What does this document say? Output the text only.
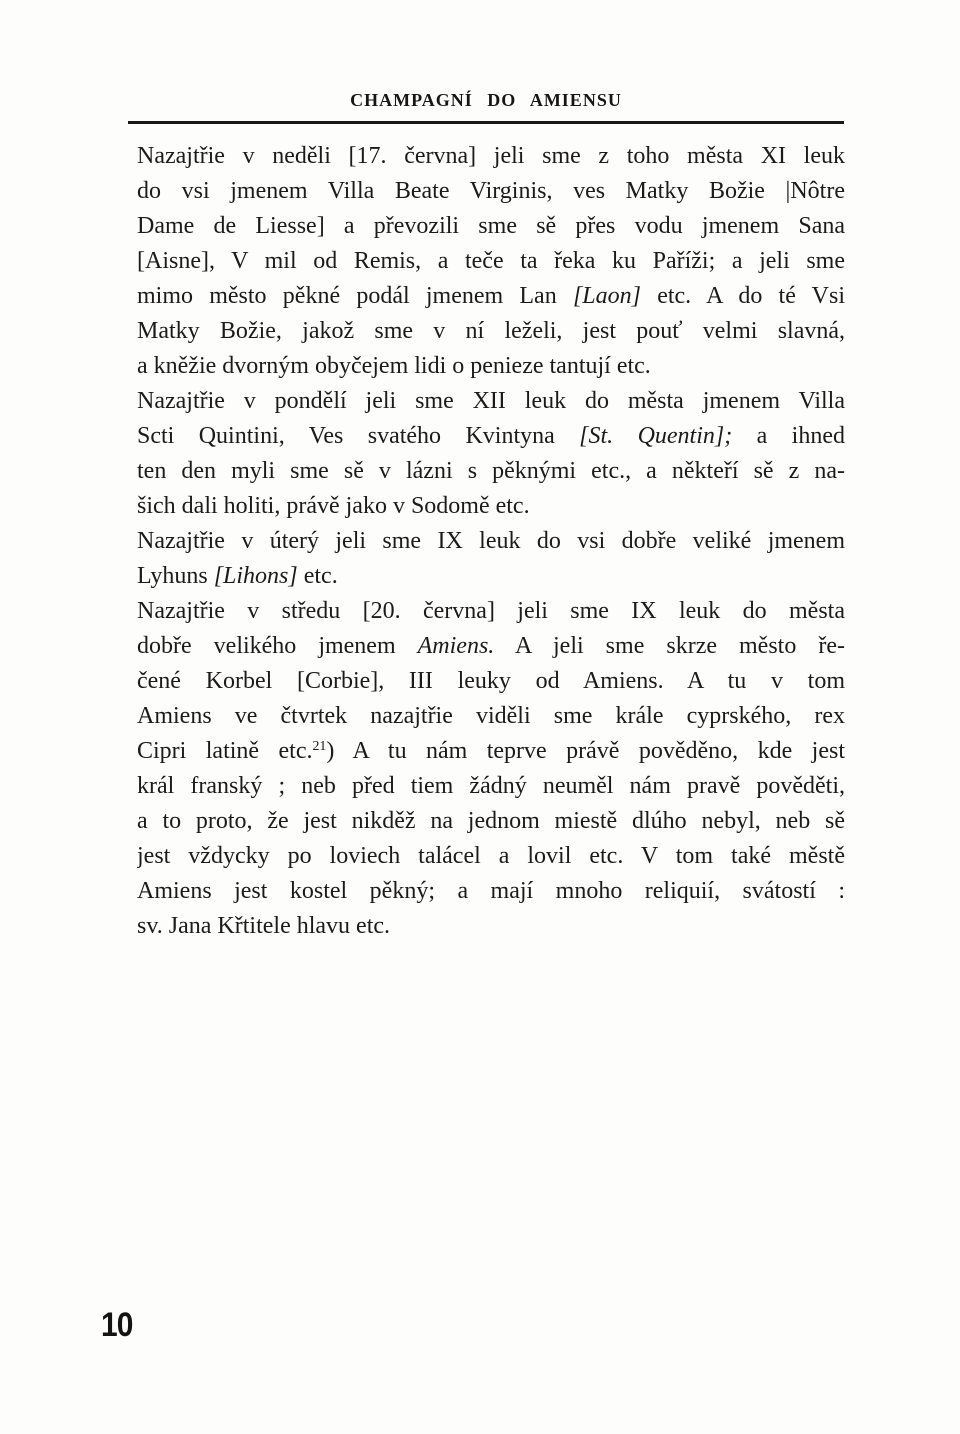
CHAMPAGNÍ DO AMIENSU
Nazajtřie v neděli [17. června] jeli sme z toho města XI leuk
do vsi jmenem Villa Beate Virginis, ves Matky Božie |Nôtre
Dame de Liesse] a převozili sme sě přes vodu jmenem Sana
[Aisne], V mil od Remis, a teče ta řeka ku Paříži; a jeli sme
mimo město pěkné podál jmenem Lan [Laon] etc. A do té Vsi
Matky Božie, jakož sme v ní leželi, jest pouť velmi slavná,
a kněžie dvorným obyčejem lidi o penieze tantují etc.
Nazajtřie v pondělí jeli sme XII leuk do města jmenem Villa
Scti Quintini, Ves svatého Kvintyna [St. Quentin]; a ihned
ten den myli sme sě v lázni s pěknými etc., a někteří sě z na-
šich dali holiti, právě jako v Sodomě etc.
Nazajtřie v úterý jeli sme IX leuk do vsi dobře veliké jmenem
Lyhuns [Lihons] etc.
Nazajtřie v středu [20. června] jeli sme IX leuk do města
dobře velikého jmenem Amiens. A jeli sme skrze město ře-
čené Korbel [Corbie], III leuky od Amiens. A tu v tom
Amiens ve čtvrtek nazajtřie viděli sme krále cyprského, rex
Cipri latině etc.$^{21}$) A tu nám teprve právě pověděno, kde jest
král franský ; neb před tiem žádný neuměl nám pravě pověděti,
a to proto, že jest nikděž na jednom miestě dlúho nebyl, neb sě
jest vždycky po loviech talácel a lovil etc. V tom také městě
Amiens jest kostel pěkný; a mají mnoho reliquií, svátostí :
sv. Jana Křtitele hlavu etc.
10
